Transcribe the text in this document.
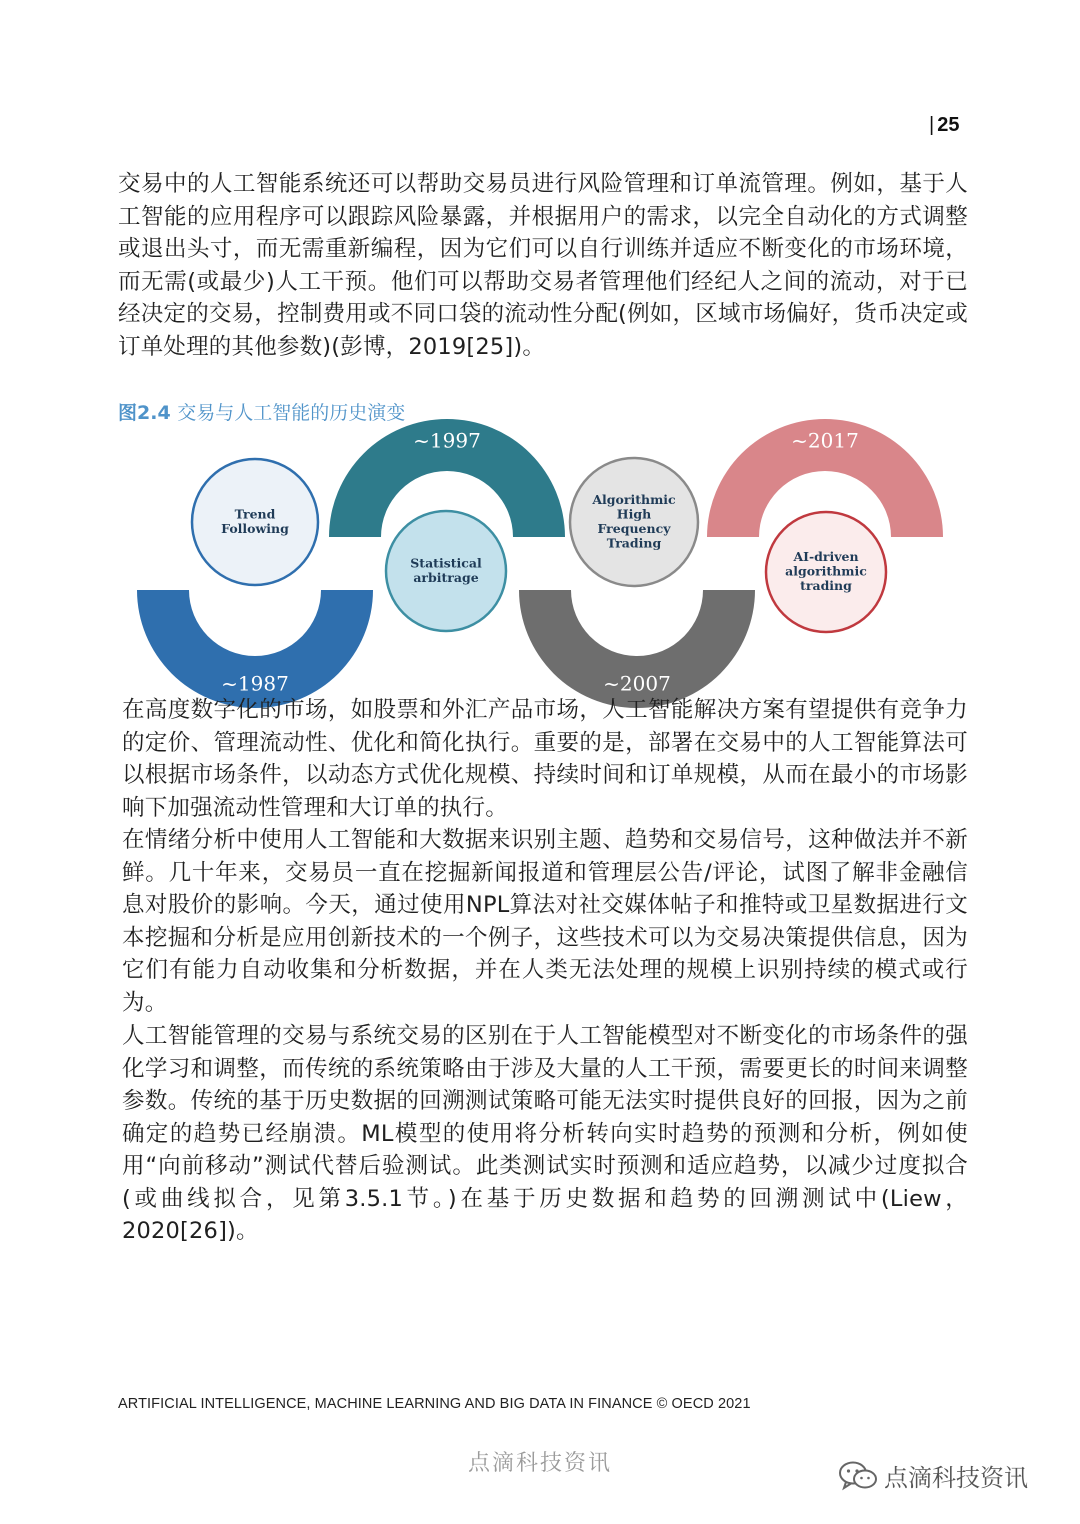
| 25

交易中的人工智能系统还可以帮助交易员进行风险管理和订单流管理。例如，基于人工智能的应用程序可以跟踪风险暴露，并根据用户的需求，以完全自动化的方式调整或退出头寸，而无需重新编程，因为它们可以自行训练并适应不断变化的市场环境，而无需(或最少)人工干预。他们可以帮助交易者管理他们经纪人之间的流动，对于已经决定的交易，控制费用或不同口袋的流动性分配(例如，区域市场偏好，货币决定或订单处理的其他参数)(彭博，2019[25])。

图2.4 交易与人工智能的历史演变
~1987
~1997
~2007
~2017
Trend
Following
Statistical
arbitrage
Algorithmic
High
Frequency
Trading
AI-driven
algorithmic
trading

在高度数字化的市场，如股票和外汇产品市场，人工智能解决方案有望提供有竞争力的定价、管理流动性、优化和简化执行。重要的是，部署在交易中的人工智能算法可以根据市场条件，以动态方式优化规模、持续时间和订单规模，从而在最小的市场影响下加强流动性管理和大订单的执行。

在情绪分析中使用人工智能和大数据来识别主题、趋势和交易信号，这种做法并不新鲜。几十年来，交易员一直在挖掘新闻报道和管理层公告/评论，试图了解非金融信息对股价的影响。今天，通过使用NPL算法对社交媒体帖子和推特或卫星数据进行文本挖掘和分析是应用创新技术的一个例子，这些技术可以为交易决策提供信息，因为它们有能力自动收集和分析数据，并在人类无法处理的规模上识别持续的模式或行为。

人工智能管理的交易与系统交易的区别在于人工智能模型对不断变化的市场条件的强化学习和调整，而传统的系统策略由于涉及大量的人工干预，需要更长的时间来调整参数。传统的基于历史数据的回溯测试策略可能无法实时提供良好的回报，因为之前确定的趋势已经崩溃。ML模型的使用将分析转向实时趋势的预测和分析，例如使用“向前移动”测试代替后验测试。此类测试实时预测和适应趋势，以减少过度拟合(或曲线拟合，见第3.5.1节。)在基于历史数据和趋势的回溯测试中(Liew，2020[26])。

ARTIFICIAL INTELLIGENCE, MACHINE LEARNING AND BIG DATA IN FINANCE © OECD 2021
点滴科技资讯
点滴科技资讯
